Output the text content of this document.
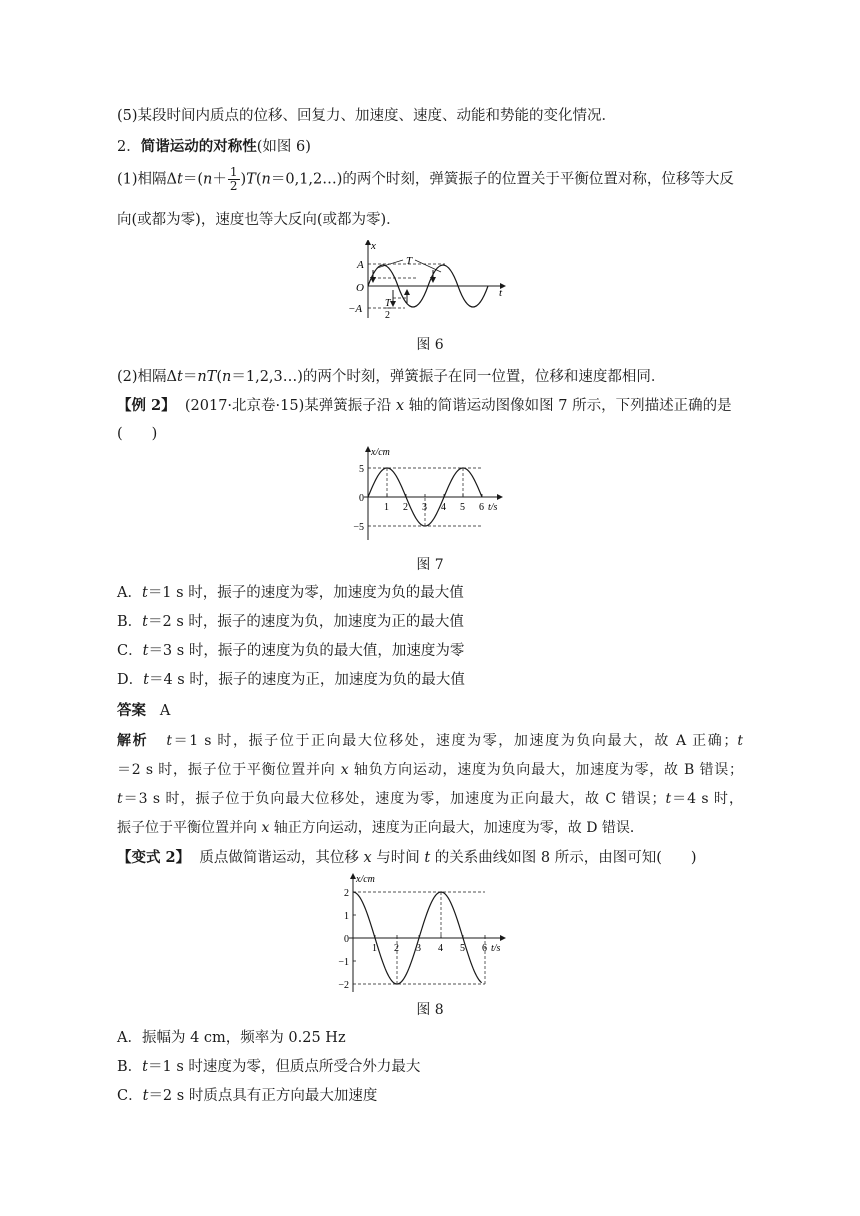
(5)某段时间内质点的位移、回复力、加速度、速度、动能和势能的变化情况．
2．简谐运动的对称性(如图 6)
(1)相隔$\Delta t=(n+ \frac{1}{2}$ )T(n＝0,1,2…)的两个时刻，弹簧振子的位置关于平衡位置对称，位移等大反
向(或都为零)，速度也等大反向(或都为零)．
x
t
A
O
−A
T
T
2
图 6
(2)相隔Δt＝nT(n＝1,2,3…)的两个时刻，弹簧振子在同一位置，位移和速度都相同．
【例 2】 (2017·北京卷·15)某弹簧振子沿 x 轴的简谐运动图像如图 7 所示，下列描述正确的是
(　　)
x/cm
t/s
5
0
−5
1 2 3 4 5 6
图 7
A．t＝1 s 时，振子的速度为零，加速度为负的最大值
B．t＝2 s 时，振子的速度为负，加速度为正的最大值
C．t＝3 s 时，振子的速度为负的最大值，加速度为零
D．t＝4 s 时，振子的速度为正，加速度为负的最大值
答案 A
解析 t＝1 s 时，振子位于正向最大位移处，速度为零，加速度为负向最大，故 A 正确；t
＝2 s 时，振子位于平衡位置并向 x 轴负方向运动，速度为负向最大，加速度为零，故 B 错误；
t＝3 s 时，振子位于负向最大位移处，速度为零，加速度为正向最大，故 C 错误；t＝4 s 时，
振子位于平衡位置并向 x 轴正方向运动，速度为正向最大，加速度为零，故 D 错误．
【变式 2】 质点做简谐运动，其位移 x 与时间 t 的关系曲线如图 8 所示，由图可知(　　)
x/cm
t/s
2
1
0
−1
−2
1 2 3 4 5 6
图 8
A．振幅为 4 cm，频率为 0.25 Hz
B．t＝1 s 时速度为零，但质点所受合外力最大
C．t＝2 s 时质点具有正方向最大加速度
